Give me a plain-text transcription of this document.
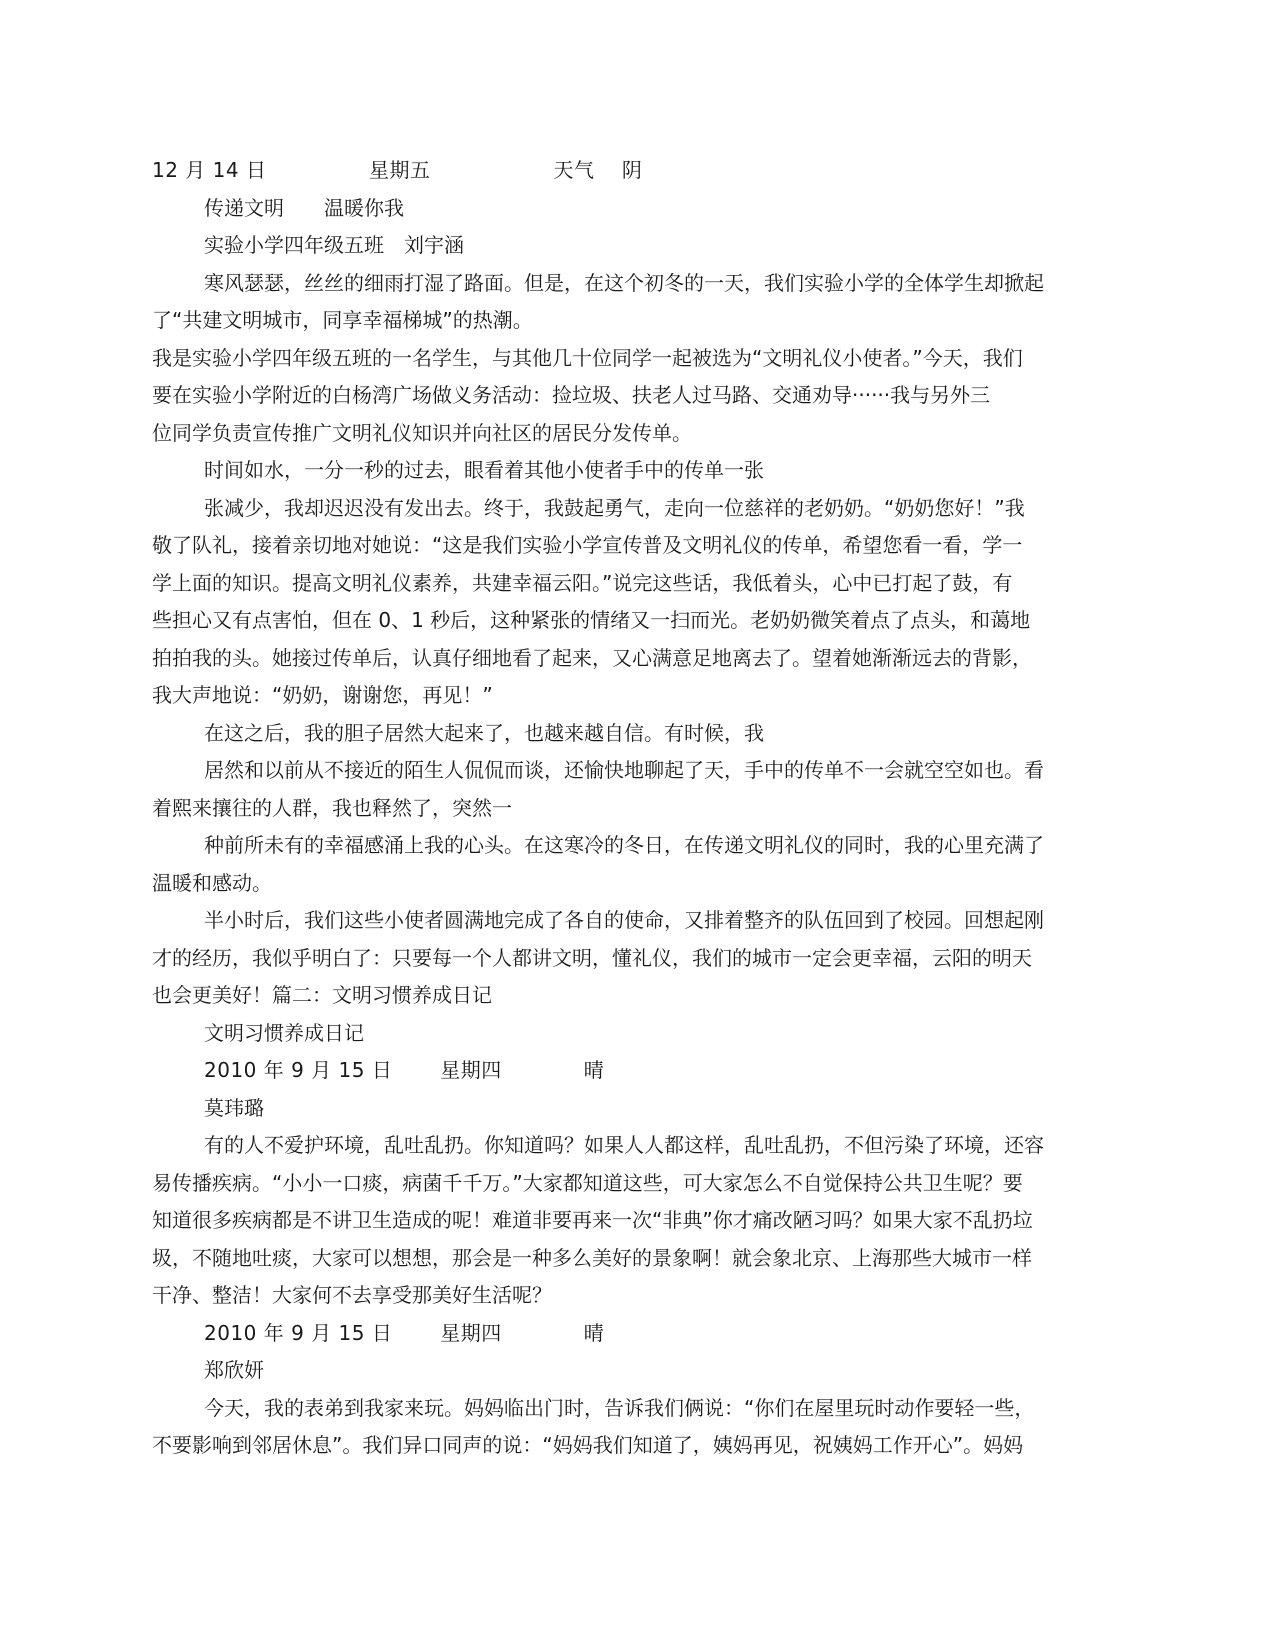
12 月 14 日　　　　　星期五　　　　　　天气　 阴
传递文明　　温暖你我
实验小学四年级五班　刘宇涵
寒风瑟瑟，丝丝的细雨打湿了路面。但是，在这个初冬的一天，我们实验小学的全体学生却掀起
了“共建文明城市，同享幸福梯城”的热潮。
我是实验小学四年级五班的一名学生，与其他几十位同学一起被选为“文明礼仪小使者。”今天，我们
要在实验小学附近的白杨湾广场做义务活动：捡垃圾、扶老人过马路、交通劝导······我与另外三
位同学负责宣传推广文明礼仪知识并向社区的居民分发传单。
时间如水，一分一秒的过去，眼看着其他小使者手中的传单一张
张减少，我却迟迟没有发出去。终于，我鼓起勇气，走向一位慈祥的老奶奶。“奶奶您好！”我
敬了队礼，接着亲切地对她说：“这是我们实验小学宣传普及文明礼仪的传单，希望您看一看，学一
学上面的知识。提高文明礼仪素养，共建幸福云阳。”说完这些话，我低着头，心中已打起了鼓，有
些担心又有点害怕，但在 0、1 秒后，这种紧张的情绪又一扫而光。老奶奶微笑着点了点头，和蔼地
拍拍我的头。她接过传单后，认真仔细地看了起来，又心满意足地离去了。望着她渐渐远去的背影，
我大声地说：“奶奶，谢谢您，再见！”
在这之后，我的胆子居然大起来了，也越来越自信。有时候，我
居然和以前从不接近的陌生人侃侃而谈，还愉快地聊起了天，手中的传单不一会就空空如也。看
着熙来攘往的人群，我也释然了，突然一
种前所未有的幸福感涌上我的心头。在这寒冷的冬日，在传递文明礼仪的同时，我的心里充满了
温暖和感动。
半小时后，我们这些小使者圆满地完成了各自的使命，又排着整齐的队伍回到了校园。回想起刚
才的经历，我似乎明白了：只要每一个人都讲文明，懂礼仪，我们的城市一定会更幸福，云阳的明天
也会更美好！篇二：文明习惯养成日记
文明习惯养成日记
2010 年 9 月 15 日　　 星期四　　　　晴
莫玮璐
有的人不爱护环境，乱吐乱扔。你知道吗？如果人人都这样，乱吐乱扔，不但污染了环境，还容
易传播疾病。“小小一口痰，病菌千千万。”大家都知道这些，可大家怎么不自觉保持公共卫生呢？要
知道很多疾病都是不讲卫生造成的呢！难道非要再来一次“非典”你才痛改陋习吗？如果大家不乱扔垃
圾，不随地吐痰，大家可以想想，那会是一种多么美好的景象啊！就会象北京、上海那些大城市一样
干净、整洁！大家何不去享受那美好生活呢？
2010 年 9 月 15 日　　 星期四　　　　晴
郑欣妍
今天，我的表弟到我家来玩。妈妈临出门时，告诉我们俩说：“你们在屋里玩时动作要轻一些，
不要影响到邻居休息”。我们异口同声的说：“妈妈我们知道了，姨妈再见，祝姨妈工作开心”。妈妈
